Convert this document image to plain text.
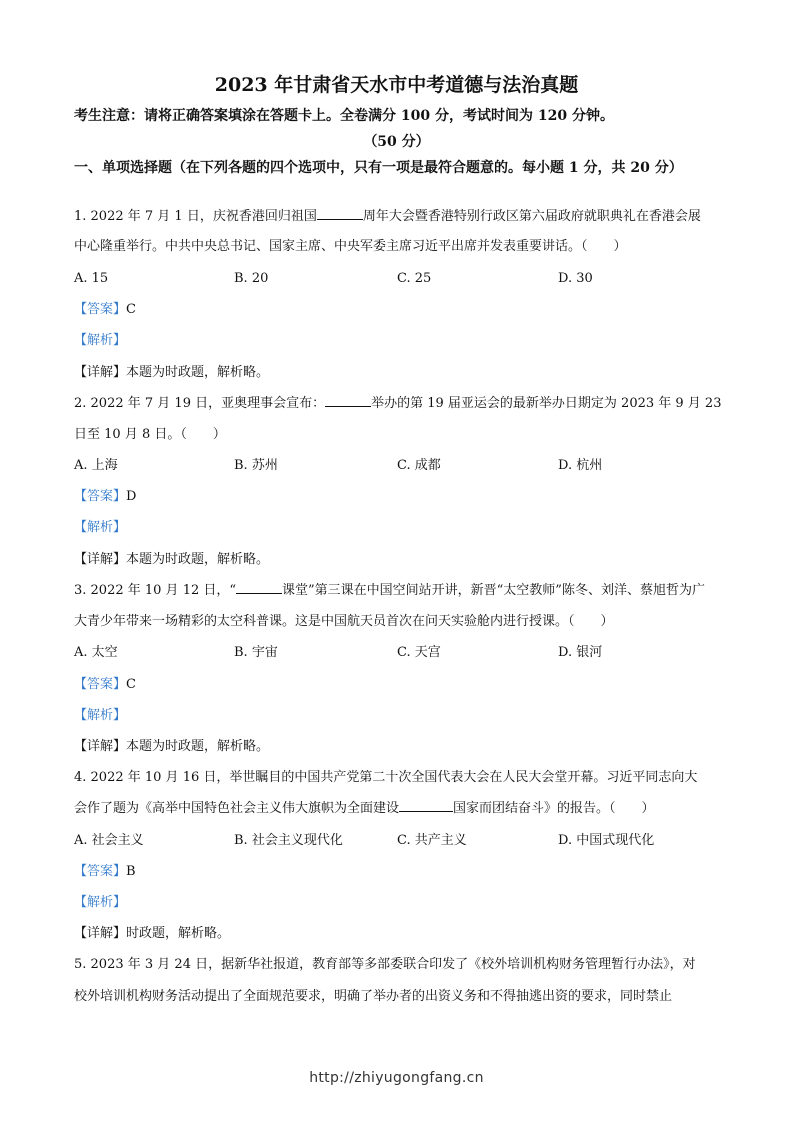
2023 年甘肃省天水市中考道德与法治真题
考生注意：请将正确答案填涂在答题卡上。全卷满分 100 分，考试时间为 120 分钟。
（50 分）
一、单项选择题（在下列各题的四个选项中，只有一项是最符合题意的。每小题 1 分，共 20 分）
1. 2022 年 7 月 1 日，庆祝香港回归祖国	周年大会暨香港特别行政区第六届政府就职典礼在香港会展
中心隆重举行。中共中央总书记、国家主席、中央军委主席习近平出席并发表重要讲话。（　　）
A. 15	B. 20	C. 25	D. 30
【答案】C
【解析】
【详解】本题为时政题，解析略。
2. 2022 年 7 月 19 日，亚奥理事会宣布：	举办的第 19 届亚运会的最新举办日期定为 2023 年 9 月 23
日至 10 月 8 日。（　　）
A. 上海	B. 苏州	C. 成都	D. 杭州
【答案】D
【解析】
【详解】本题为时政题，解析略。
3. 2022 年 10 月 12 日，“	课堂”第三课在中国空间站开讲，新晋“太空教师”陈冬、刘洋、蔡旭哲为广
大青少年带来一场精彩的太空科普课。这是中国航天员首次在问天实验舱内进行授课。（　　）
A. 太空	B. 宇宙	C. 天宫	D. 银河
【答案】C
【解析】
【详解】本题为时政题，解析略。
4. 2022 年 10 月 16 日，举世瞩目的中国共产党第二十次全国代表大会在人民大会堂开幕。习近平同志向大
会作了题为《高举中国特色社会主义伟大旗帜为全面建设	国家而团结奋斗》的报告。（　　）
A. 社会主义	B. 社会主义现代化	C. 共产主义	D. 中国式现代化
【答案】B
【解析】
【详解】时政题，解析略。
5. 2023 年 3 月 24 日，据新华社报道，教育部等多部委联合印发了《校外培训机构财务管理暂行办法》，对
校外培训机构财务活动提出了全面规范要求，明确了举办者的出资义务和不得抽逃出资的要求，同时禁止
http://zhiyugongfang.cn
